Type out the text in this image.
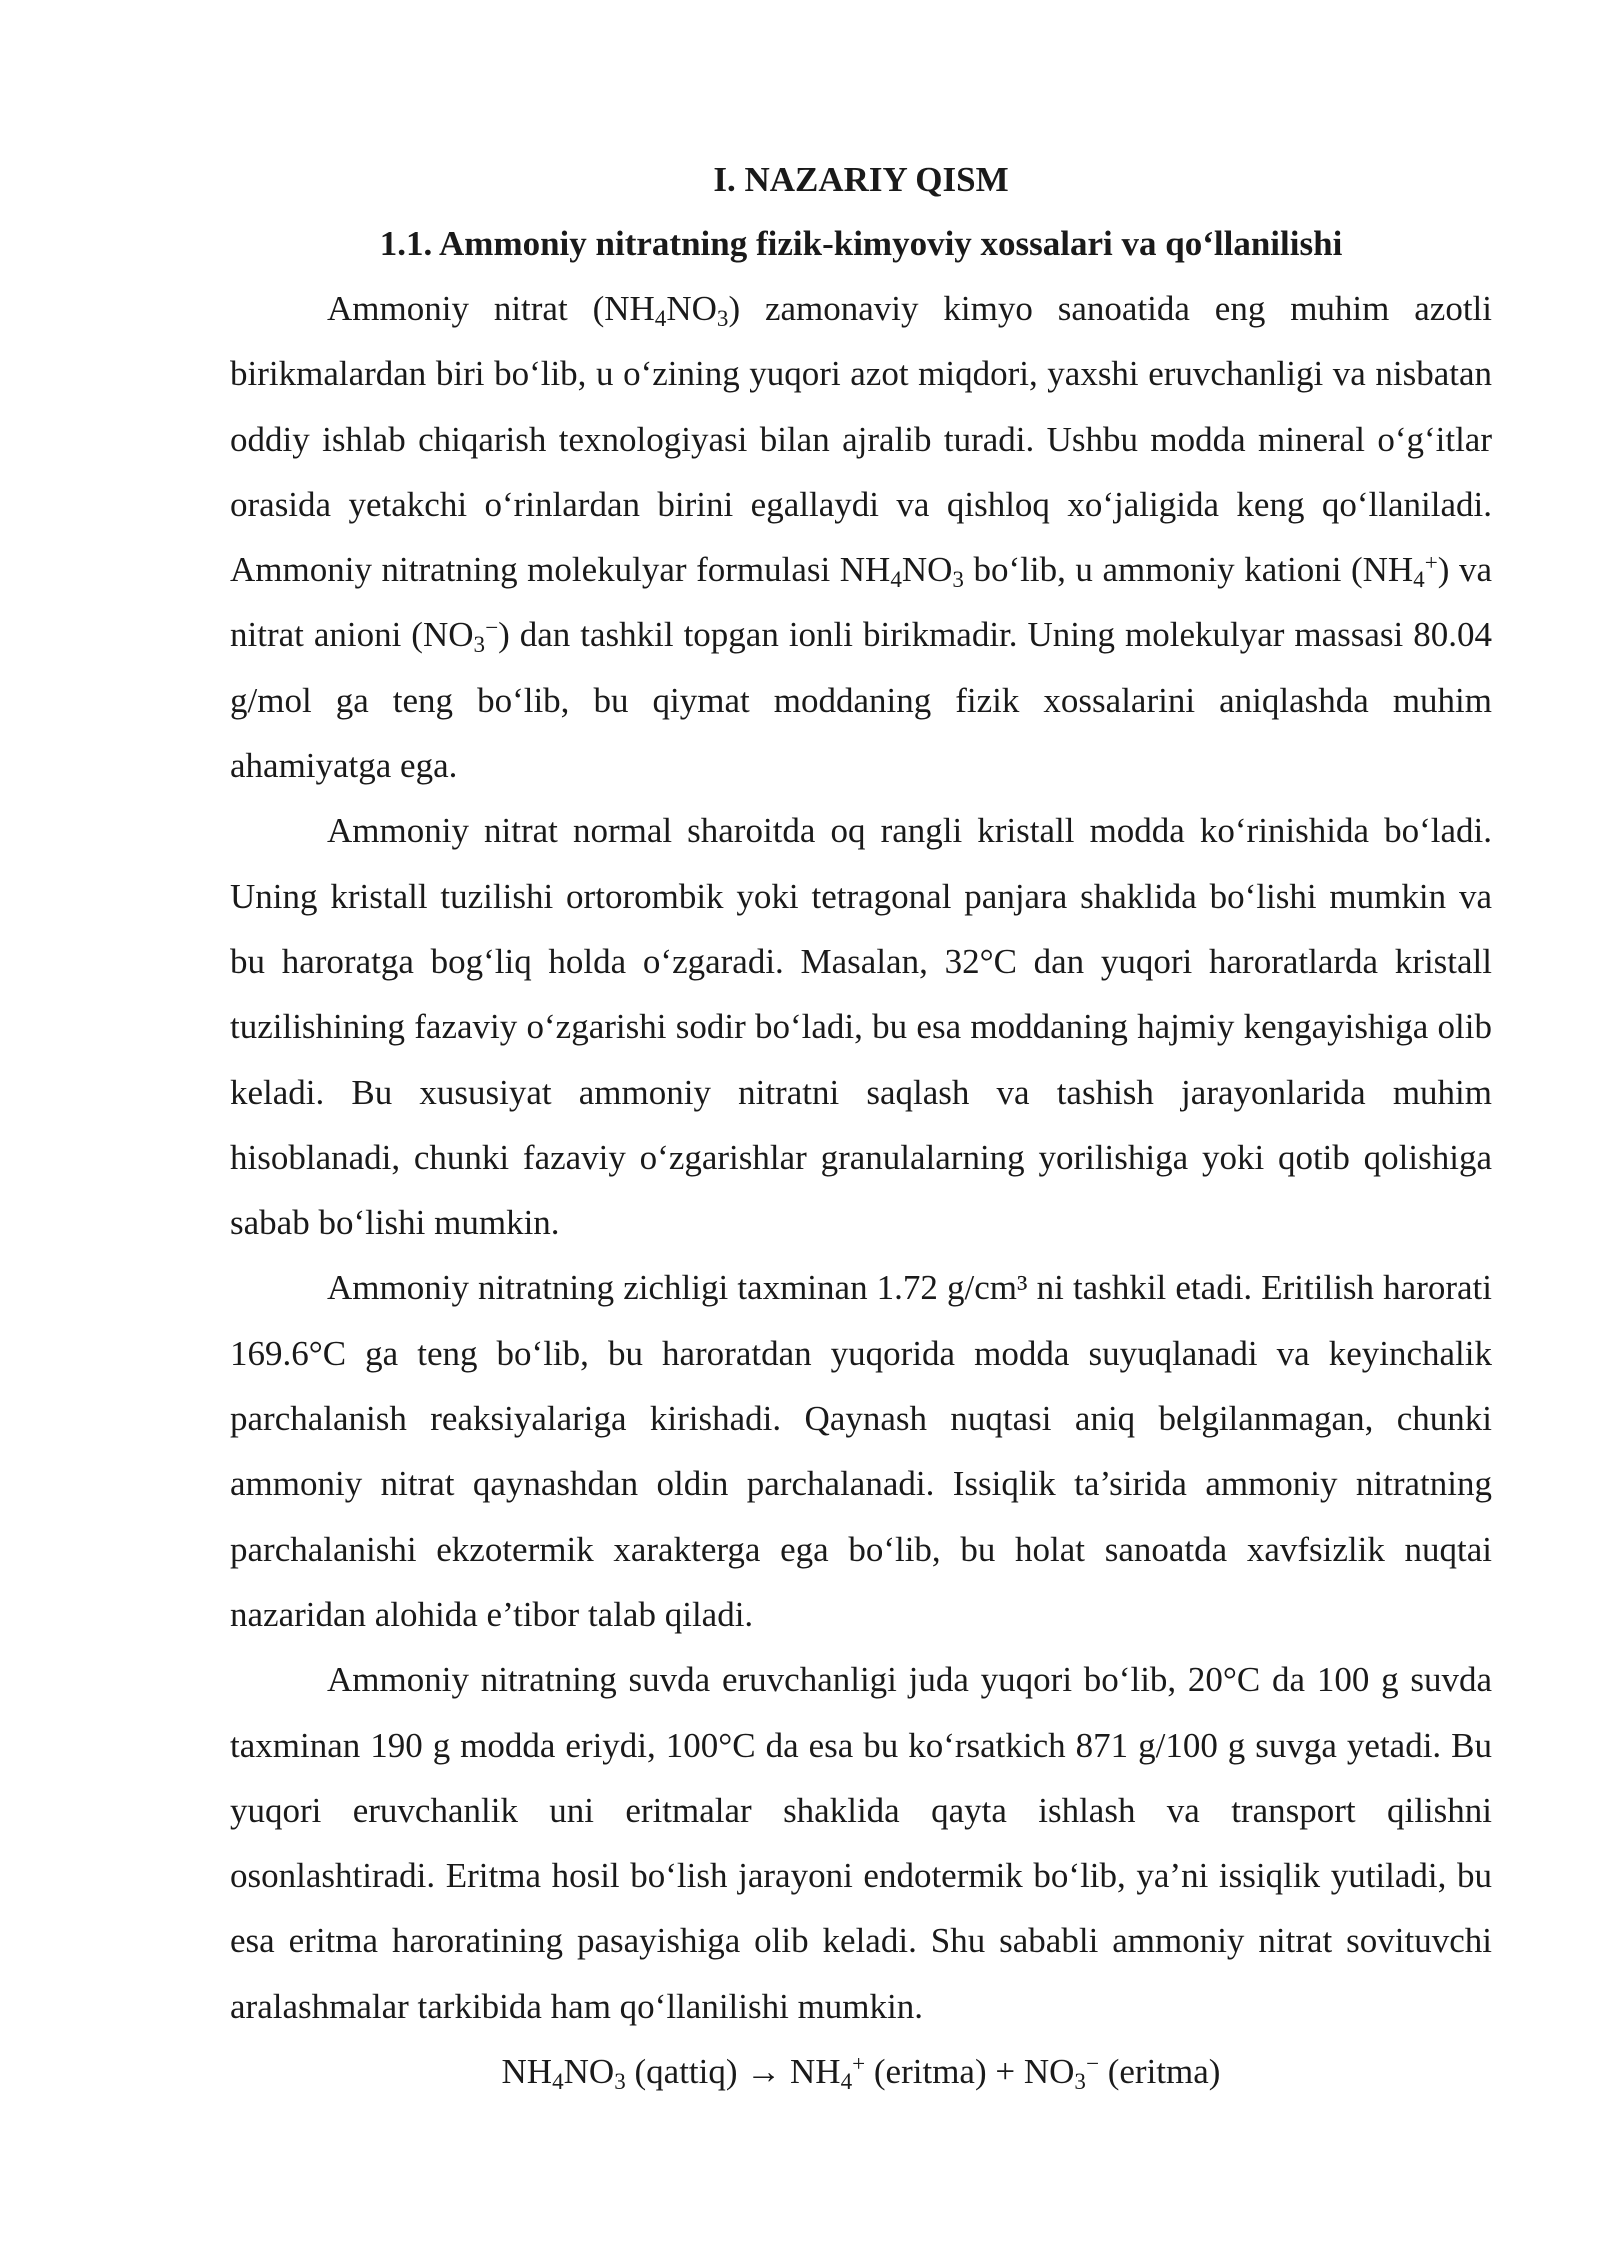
I. NAZARIY QISM
1.1. Ammoniy nitratning fizik-kimyoviy xossalari va qo‘llanilishi

Ammoniy nitrat $(NH_4NO_3)$ zamonaviy kimyo sanoatida eng muhim azotli birikmalardan biri bo‘lib, u o‘zining yuqori azot miqdori, yaxshi eruvchanligi va nisbatan oddiy ishlab chiqarish texnologiyasi bilan ajralib turadi. Ushbu modda mineral o‘g‘itlar orasida yetakchi o‘rinlardan birini egallaydi va qishloq xo‘jaligida keng qo‘llaniladi. Ammoniy nitratning molekulyar formulasi $NH_4NO_3$ bo‘lib, u ammoniy kationi $(NH_4^+)$ va nitrat anioni $(NO_3^-)$ dan tashkil topgan ionli birikmadir. Uning molekulyar massasi 80.04 g/mol ga teng bo‘lib, bu qiymat moddaning fizik xossalarini aniqlashda muhim ahamiyatga ega.

Ammoniy nitrat normal sharoitda oq rangli kristall modda ko‘rinishida bo‘ladi. Uning kristall tuzilishi ortorombik yoki tetragonal panjara shaklida bo‘lishi mumkin va bu haroratga bog‘liq holda o‘zgaradi. Masalan, 32°C dan yuqori haroratlarda kristall tuzilishining fazaviy o‘zgarishi sodir bo‘ladi, bu esa moddaning hajmiy kengayishiga olib keladi. Bu xususiyat ammoniy nitratni saqlash va tashish jarayonlarida muhim hisoblanadi, chunki fazaviy o‘zgarishlar granulalarning yorilishiga yoki qotib qolishiga sabab bo‘lishi mumkin.

Ammoniy nitratning zichligi taxminan 1.72 g/cm³ ni tashkil etadi. Eritilish harorati 169.6°C ga teng bo‘lib, bu haroratdan yuqorida modda suyuqlanadi va keyinchalik parchalanish reaksiyalariga kirishadi. Qaynash nuqtasi aniq belgilanmagan, chunki ammoniy nitrat qaynashdan oldin parchalanadi. Issiqlik ta’sirida ammoniy nitratning parchalanishi ekzotermik xarakterga ega bo‘lib, bu holat sanoatda xavfsizlik nuqtai nazaridan alohida e’tibor talab qiladi.

Ammoniy nitratning suvda eruvchanligi juda yuqori bo‘lib, 20°C da 100 g suvda taxminan 190 g modda eriydi, 100°C da esa bu ko‘rsatkich 871 g/100 g suvga yetadi. Bu yuqori eruvchanlik uni eritmalar shaklida qayta ishlash va transport qilishni osonlashtiradi. Eritma hosil bo‘lish jarayoni endotermik bo‘lib, ya’ni issiqlik yutiladi, bu esa eritma haroratining pasayishiga olib keladi. Shu sababli ammoniy nitrat sovituvchi aralashmalar tarkibida ham qo‘llanilishi mumkin.

$NH_4NO_3$ (qattiq) → $NH_4^+$ (eritma) + $NO_3^-$ (eritma)
